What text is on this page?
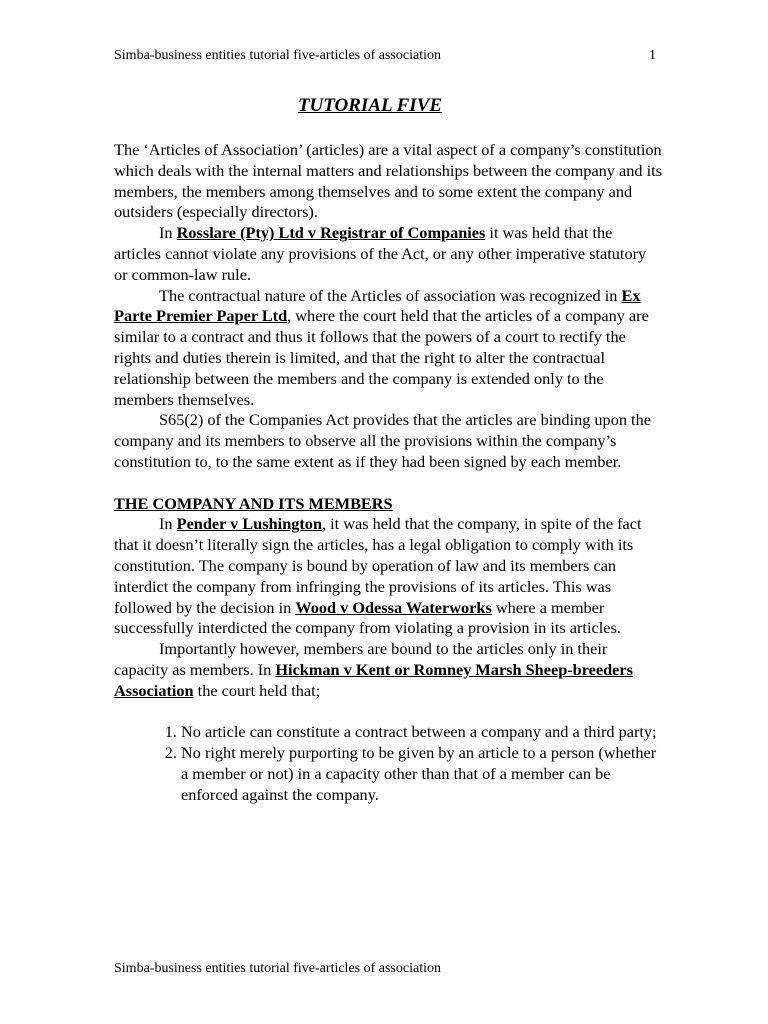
Simba-business entities tutorial five-articles of association	1
TUTORIAL FIVE

The ‘Articles of Association’ (articles) are a vital aspect of a company’s constitution which deals with the internal matters and relationships between the company and its members, the members among themselves and to some extent the company and outsiders (especially directors).

In Rosslare (Pty) Ltd v Registrar of Companies it was held that the articles cannot violate any provisions of the Act, or any other imperative statutory or common-law rule.

The contractual nature of the Articles of association was recognized in Ex Parte Premier Paper Ltd, where the court held that the articles of a company are similar to a contract and thus it follows that the powers of a court to rectify the rights and duties therein is limited, and that the right to alter the contractual relationship between the members and the company is extended only to the members themselves.

S65(2) of the Companies Act provides that the articles are binding upon the company and its members to observe all the provisions within the company’s constitution to, to the same extent as if they had been signed by each member.

THE COMPANY AND ITS MEMBERS

In Pender v Lushington, it was held that the company, in spite of the fact that it doesn’t literally sign the articles, has a legal obligation to comply with its constitution. The company is bound by operation of law and its members can interdict the company from infringing the provisions of its articles. This was followed by the decision in Wood v Odessa Waterworks where a member successfully interdicted the company from violating a provision in its articles.

Importantly however, members are bound to the articles only in their capacity as members. In Hickman v Kent or Romney Marsh Sheep-breeders Association the court held that;

1. No article can constitute a contract between a company and a third party;
2. No right merely purporting to be given by an article to a person (whether a member or not) in a capacity other than that of a member can be enforced against the company.
Simba-business entities tutorial five-articles of association
